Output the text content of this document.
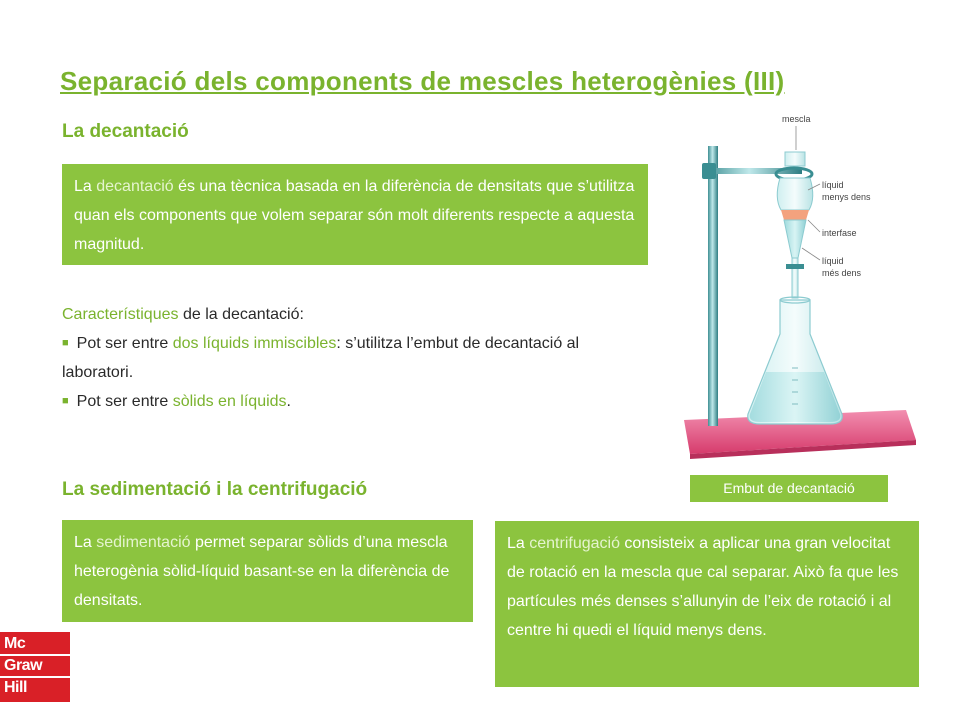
Separació dels components de mescles heterogènies (III)
La decantació
La decantació és una tècnica basada en la diferència de densitats que s’utilitza quan els components que volem separar són molt diferents respecte a aquesta magnitud.
Característiques de la decantació:
■ Pot ser entre dos líquids immiscibles: s’utilitza l’embut de decantació al laboratori.
■ Pot ser entre sòlids en líquids.
mescla
líquid
menys dens
interfase
líquid
més dens
Embut de decantació
La sedimentació i la centrifugació
La sedimentació permet separar sòlids d’una mescla heterogènia sòlid-líquid basant-se en la diferència de densitats.
La centrifugació consisteix a aplicar una gran velocitat de rotació en la mescla que cal separar. Això fa que les partícules més denses s’allunyin de l’eix de rotació i al centre hi quedi el líquid menys dens.
Mc
Graw
Hill
